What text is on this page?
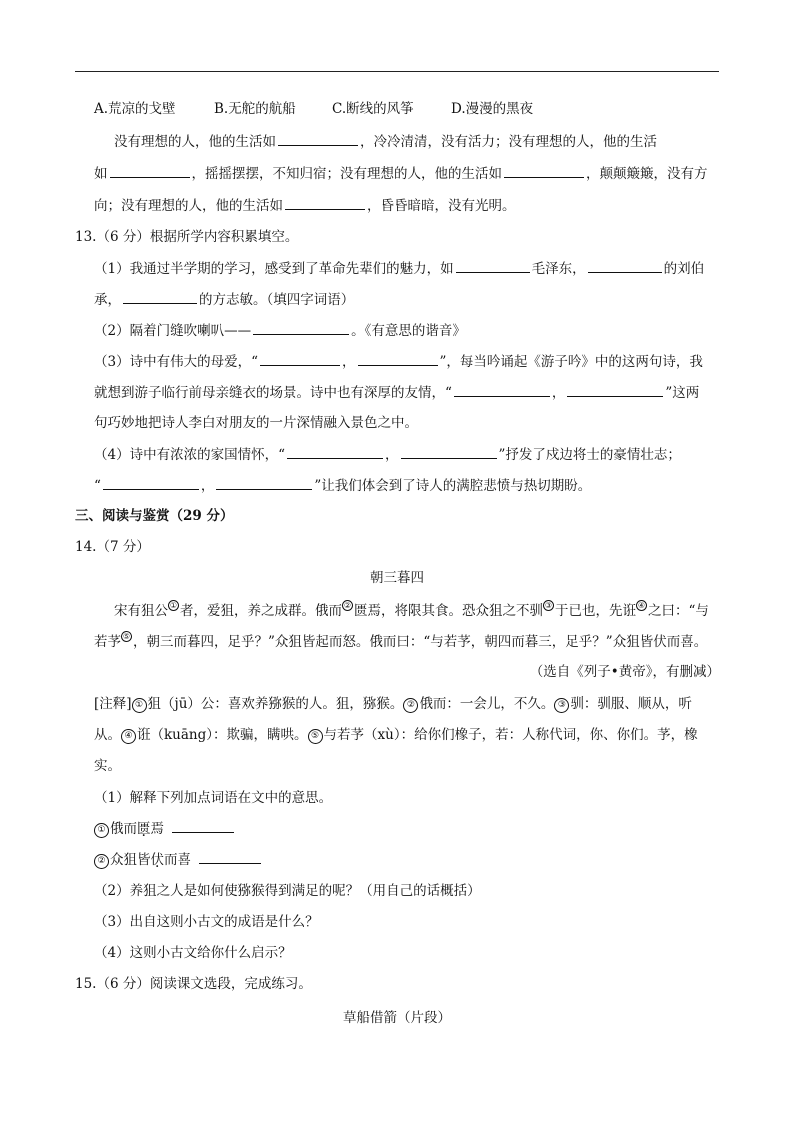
A.荒凉的戈壁	B.无舵的航船	C.断线的风筝	D.漫漫的黑夜
没有理想的人，他的生活如	，冷冷清清，没有活力；没有理想的人，他的生活
如	，摇摇摆摆，不知归宿；没有理想的人，他的生活如	，颠颠簸簸，没有方
向；没有理想的人，他的生活如	，昏昏暗暗，没有光明。
13.（6 分）根据所学内容积累填空。
（1）我通过半学期的学习，感受到了革命先辈们的魅力，如	毛泽东，	的刘伯
承，	的方志敏。（填四字词语）
（2）隔着门缝吹喇叭——	。《有意思的谐音》
（3）诗中有伟大的母爱，“	，	”，每当吟诵起《游子吟》中的这两句诗，我
就想到游子临行前母亲缝衣的场景。诗中也有深厚的友情，“	，	”这两
句巧妙地把诗人李白对朋友的一片深情融入景色之中。
（4）诗中有浓浓的家国情怀，“	，	”抒发了戍边将士的豪情壮志；
“	，	”让我们体会到了诗人的满腔悲愤与热切期盼。
三、阅读与鉴赏（29 分）
14.（7 分）
朝三暮四
宋有狙公 ① 者，爱狙，养之成群。俄而 ② 匮焉，将限其食。恐众狙之不驯 ③ 于已也，先诳 ④ 之曰：“与
若芧 ⑤ ，朝三而暮四，足乎？”众狙皆起而怒。俄而曰：“与若芧，朝四而暮三，足乎？”众狙皆伏而喜。
（选自《列子•黄帝》，有删减）
[注释] ① 狙（jū）公：喜欢养猕猴的人。狙，猕猴。 ② 俄而：一会儿，不久。 ③ 驯：驯服、顺从，听
从。 ④ 诳（kuāng）：欺骗，瞒哄。 ⑤ 与若芧（xù）：给你们橡子，若：人称代词，你、你们。芧，橡
实。
（1）解释下列加点词语在文中的意思。
① 俄而匮焉
② 众狙皆伏而喜
（2）养狙之人是如何使猕猴得到满足的呢？（用自己的话概括）
（3）出自这则小古文的成语是什么？
（4）这则小古文给你什么启示？
15.（6 分）阅读课文选段，完成练习。
草船借箭（片段）
